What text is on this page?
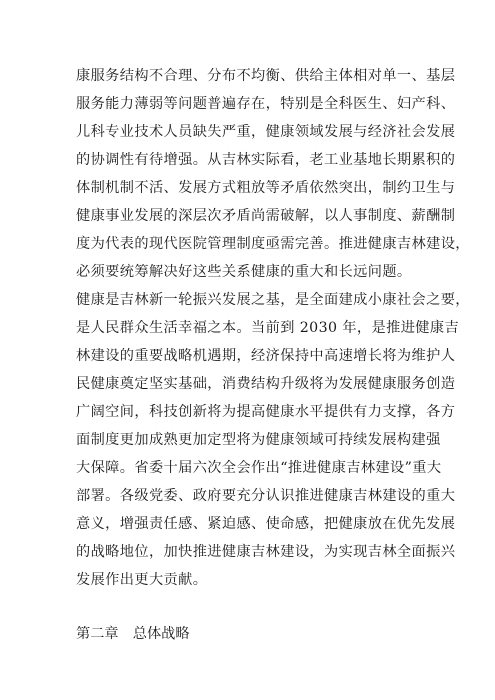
康服务结构不合理、分布不均衡、供给主体相对单一、基层
服务能力薄弱等问题普遍存在，特别是全科医生、妇产科、
儿科专业技术人员缺失严重，健康领域发展与经济社会发展
的协调性有待增强。从吉林实际看，老工业基地长期累积的
体制机制不活、发展方式粗放等矛盾依然突出，制约卫生与
健康事业发展的深层次矛盾尚需破解，以人事制度、薪酬制
度为代表的现代医院管理制度亟需完善。推进健康吉林建设，
必须要统筹解决好这些关系健康的重大和长远问题。
健康是吉林新一轮振兴发展之基，是全面建成小康社会之要，
是人民群众生活幸福之本。当前到 2030 年，是推进健康吉
林建设的重要战略机遇期，经济保持中高速增长将为维护人
民健康奠定坚实基础，消费结构升级将为发展健康服务创造
广阔空间，科技创新将为提高健康水平提供有力支撑，各方
面制度更加成熟更加定型将为健康领域可持续发展构建强
大保障。省委十届六次全会作出“推进健康吉林建设”重大
部署。各级党委、政府要充分认识推进健康吉林建设的重大
意义，增强责任感、紧迫感、使命感，把健康放在优先发展
的战略地位，加快推进健康吉林建设，为实现吉林全面振兴
发展作出更大贡献。
第二章　总体战略
